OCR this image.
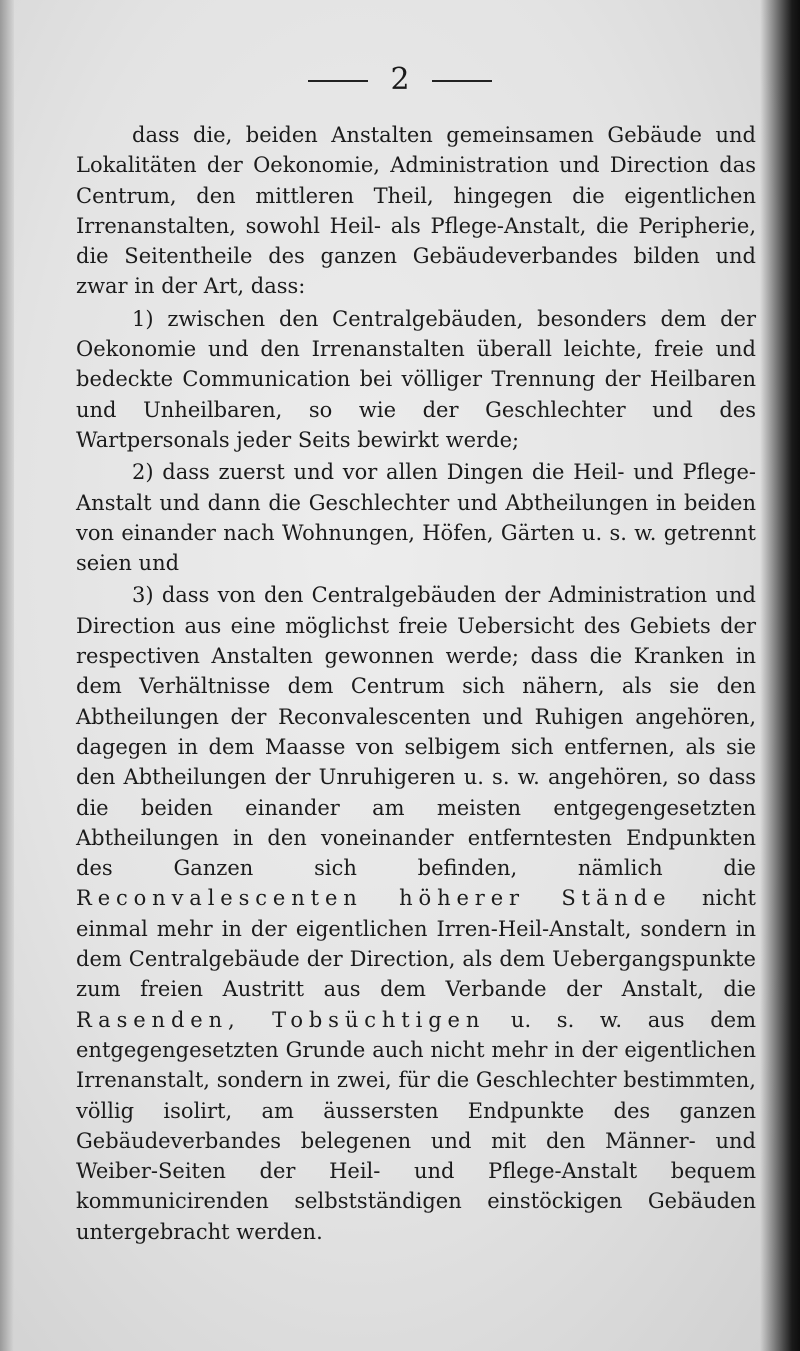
2

dass die, beiden Anstalten gemeinsamen Gebäude und Lokalitäten der Oekonomie, Administration und Direction das Centrum, den mittleren Theil, hingegen die eigentlichen Irrenanstalten, sowohl Heil- als Pflege-Anstalt, die Peripherie, die Seitentheile des ganzen Gebäudeverbandes bilden und zwar in der Art, dass:

1) zwischen den Centralgebäuden, besonders dem der Oekonomie und den Irrenanstalten überall leichte, freie und bedeckte Communication bei völliger Trennung der Heilbaren und Unheilbaren, so wie der Geschlechter und des Wartpersonals jeder Seits bewirkt werde;

2) dass zuerst und vor allen Dingen die Heil- und Pflege-Anstalt und dann die Geschlechter und Abtheilungen in beiden von einander nach Wohnungen, Höfen, Gärten u. s. w. getrennt seien und

3) dass von den Centralgebäuden der Administration und Direction aus eine möglichst freie Uebersicht des Gebiets der respectiven Anstalten gewonnen werde; dass die Kranken in dem Verhältnisse dem Centrum sich nähern, als sie den Abtheilungen der Reconvalescenten und Ruhigen angehören, dagegen in dem Maasse von selbigem sich entfernen, als sie den Abtheilungen der Unruhigeren u. s. w. angehören, so dass die beiden einander am meisten entgegengesetzten Abtheilungen in den voneinander entferntesten Endpunkten des Ganzen sich befinden, nämlich die Reconvalescenten höherer Stände nicht einmal mehr in der eigentlichen Irren-Heil-Anstalt, sondern in dem Centralgebäude der Direction, als dem Uebergangspunkte zum freien Austritt aus dem Verbande der Anstalt, die Rasenden, Tobsüchtigen u. s. w. aus dem entgegengesetzten Grunde auch nicht mehr in der eigentlichen Irrenanstalt, sondern in zwei, für die Geschlechter bestimmten, völlig isolirt, am äussersten Endpunkte des ganzen Gebäudeverbandes belegenen und mit den Männer- und Weiber-Seiten der Heil- und Pflege-Anstalt bequem kommunicirenden selbstständigen einstöckigen Gebäuden untergebracht werden.
